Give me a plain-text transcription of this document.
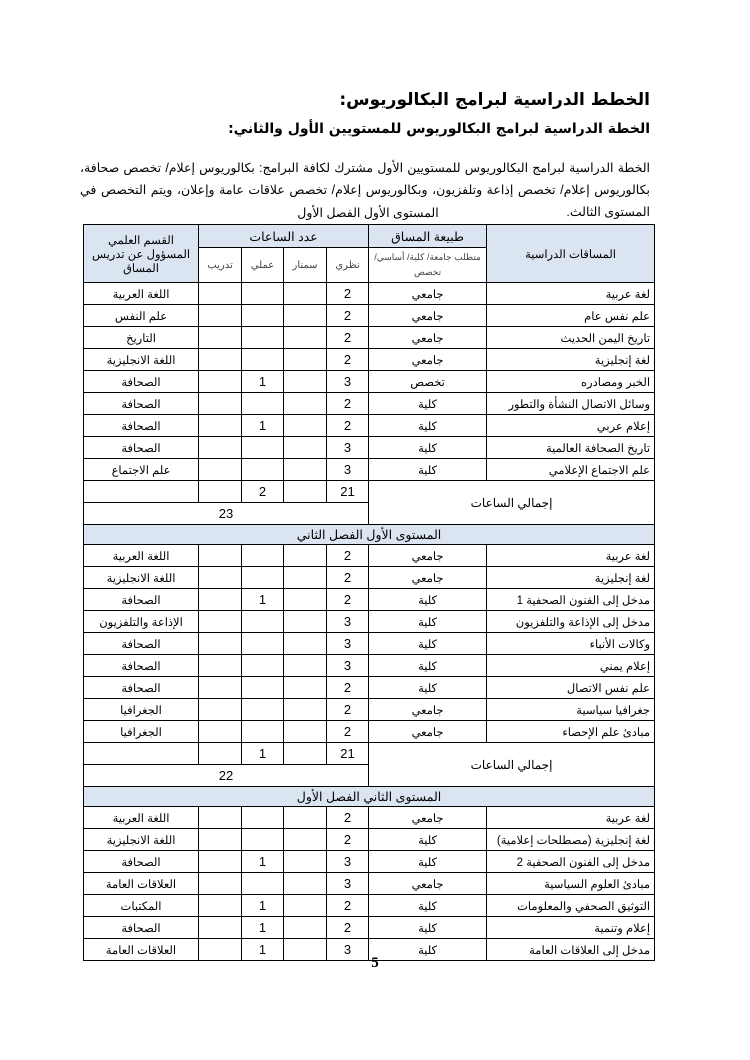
الخطط الدراسية لبرامج البكالوريوس:
الخطة الدراسية لبرامج البكالوريوس للمستويين الأول والثاني:
الخطة الدراسية لبرامج البكالوريوس للمستويين الأول مشترك لكافة البرامج: بكالوريوس إعلام/ تخصص صحافة، بكالوريوس إعلام/ تخصص إذاعة وتلفزيون، وبكالوريوس إعلام/ تخصص علاقات عامة وإعلان، ويتم التخصص في المستوى الثالث.
المستوى الأول الفصل الأول
المساقات الدراسية	طبيعة المساق	عدد الساعات				القسم العلمي المسؤول عن تدريس المساق
	متطلب جامعة/ كلية/ أساسي/ تخصص	نظري	سمنار	عملي	تدريب	
لغة عربية	جامعي	2				اللغة العربية
علم نفس عام	جامعي	2				علم النفس
تاريخ اليمن الحديث	جامعي	2				التاريخ
لغة إنجليزية	جامعي	2				اللغة الانجليزية
الخبر ومصادره	تخصص	3		1		الصحافة
وسائل الاتصال النشأة والتطور	كلية	2				الصحافة
إعلام عربي	كلية	2		1		الصحافة
تاريخ الصحافة العالمية	كلية	3				الصحافة
علم الاجتماع الإعلامي	كلية	3				علم الاجتماع
إجمالي الساعات		21		2		
		23				
المستوى الأول الفصل الثاني						
لغة عربية	جامعي	2				اللغة العربية
لغة إنجليزية	جامعي	2				اللغة الانجليزية
مدخل إلى الفنون الصحفية 1	كلية	2		1		الصحافة
مدخل إلى الإذاعة والتلفزيون	كلية	3				الإذاعة والتلفزيون
وكالات الأنباء	كلية	3				الصحافة
إعلام يمني	كلية	3				الصحافة
علم نفس الاتصال	كلية	2				الصحافة
جغرافيا سياسية	جامعي	2				الجغرافيا
مبادئ علم الإحصاء	جامعي	2				الجغرافيا
إجمالي الساعات		21		1		
		22				
المستوى الثاني الفصل الأول						
لغة عربية	جامعي	2				اللغة العربية
لغة إنجليزية (مصطلحات إعلامية)	كلية	2				اللغة الانجليزية
مدخل إلى الفنون الصحفية 2	كلية	3		1		الصحافة
مبادئ العلوم السياسية	جامعي	3				العلاقات العامة
التوثيق الصحفي والمعلومات	كلية	2		1		المكتبات
إعلام وتنمية	كلية	2		1		الصحافة
مدخل إلى العلاقات العامة	كلية	3		1		العلاقات العامة
5
